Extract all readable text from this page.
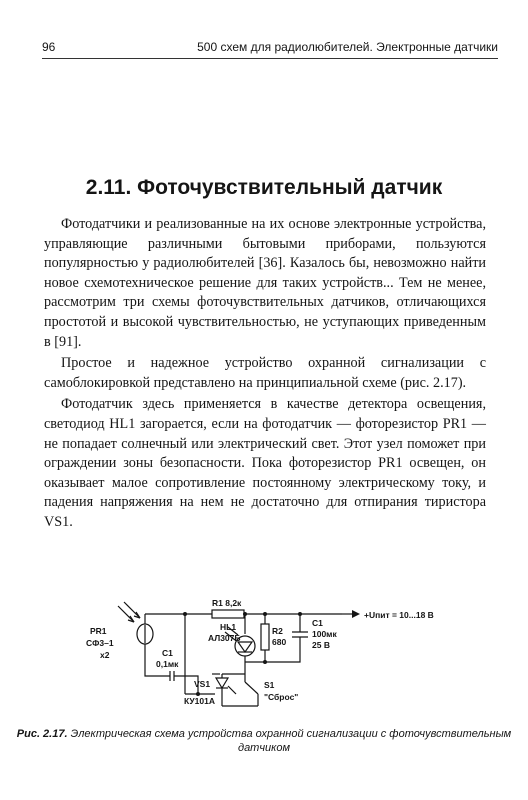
96	500 схем для радиолюбителей. Электронные датчики
2.11. Фоточувствительный датчик

Фотодатчики и реализованные на их основе электронные устройства, управляющие различными бытовыми приборами, пользуются популярностью у радиолюбителей [36]. Казалось бы, невозможно найти новое схемотехническое решение для таких устройств... Тем не менее, рассмотрим три схемы фоточувствительных датчиков, отличающихся простотой и высокой чувствительностью, не уступающих приведенным в [91].

Простое и надежное устройство охранной сигнализации с самоблокировкой представлено на принципиальной схеме (рис. 2.17).

Фотодатчик здесь применяется в качестве детектора освещения, светодиод HL1 загорается, если на фотодатчик — фоторезистор PR1 — не попадает солнечный или электрический свет. Этот узел поможет при ограждении зоны безопасности. Пока фоторезистор PR1 освещен, он оказывает малое сопротивление постоянному электрическому току, и падения напряжения на нем не достаточно для отпирания тиристора VS1.

PR1
СФ3–1
x2
R1 8,2к
+Uпит = 10...18 В
C1
0,1мк
HL1
АЛ307Б
R2
680
C1
100мк
25 В
VS1
КУ101А
S1
"Сброс"
Рис. 2.17. Электрическая схема устройства охранной сигнализации с фоточувствительным датчиком
